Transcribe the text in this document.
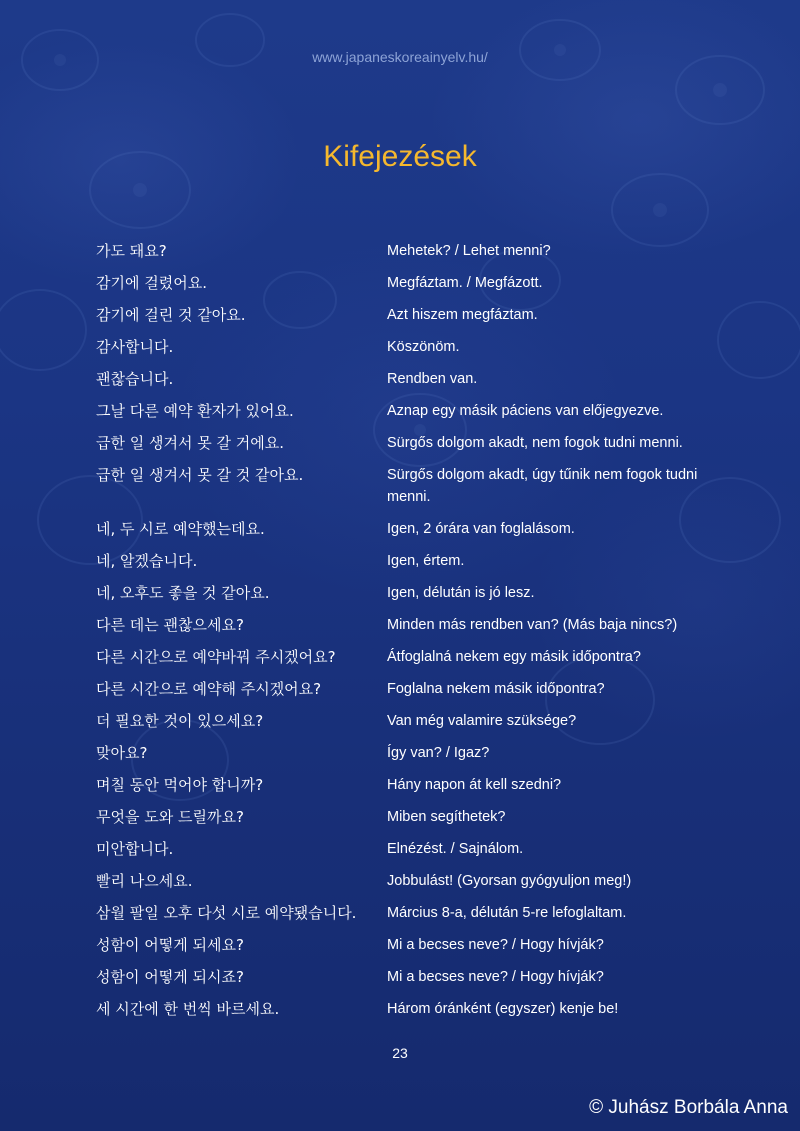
www.japaneskoreainyelv.hu/
Kifejezések
가도 돼요?	Mehetek? / Lehet menni?
감기에 걸렸어요.	Megfáztam. / Megfázott.
감기에 걸린 것 같아요.	Azt hiszem megfáztam.
감사합니다.	Köszönöm.
괜찮습니다.	Rendben van.
그날 다른 예약 환자가 있어요.	Aznap egy másik páciens van előjegyezve.
급한 일 생겨서 못 갈 거에요.	Sürgős dolgom akadt, nem fogok tudni menni.
급한 일 생겨서 못 갈 것 같아요.	Sürgős dolgom akadt, úgy tűnik nem fogok tudni menni.
네, 두 시로 예약했는데요.	Igen, 2 órára van foglalásom.
네, 알겠습니다.	Igen, értem.
네, 오후도 좋을 것 같아요.	Igen, délután is jó lesz.
다른 데는 괜찮으세요?	Minden más rendben van? (Más baja nincs?)
다른 시간으로 예약바꿔 주시겠어요?	Átfoglalná nekem egy másik időpontra?
다른 시간으로 예약해 주시겠어요?	Foglalna nekem másik időpontra?
더 필요한 것이 있으세요?	Van még valamire szüksége?
맞아요?	Így van? / Igaz?
며칠 동안 먹어야 합니까?	Hány napon át kell szedni?
무엇을 도와 드릴까요?	Miben segíthetek?
미안합니다.	Elnézést. / Sajnálom.
빨리 나으세요.	Jobbulást! (Gyorsan gyógyuljon meg!)
삼월 팔일 오후 다섯 시로 예약됐습니다.	Március 8-a, délután 5-re lefoglaltam.
성함이 어떻게 되세요?	Mi a becses neve? / Hogy hívják?
성함이 어떻게 되시죠?	Mi a becses neve? / Hogy hívják?
세 시간에 한 번씩 바르세요.	Három óránként (egyszer) kenje be!
23
© Juhász Borbála Anna
